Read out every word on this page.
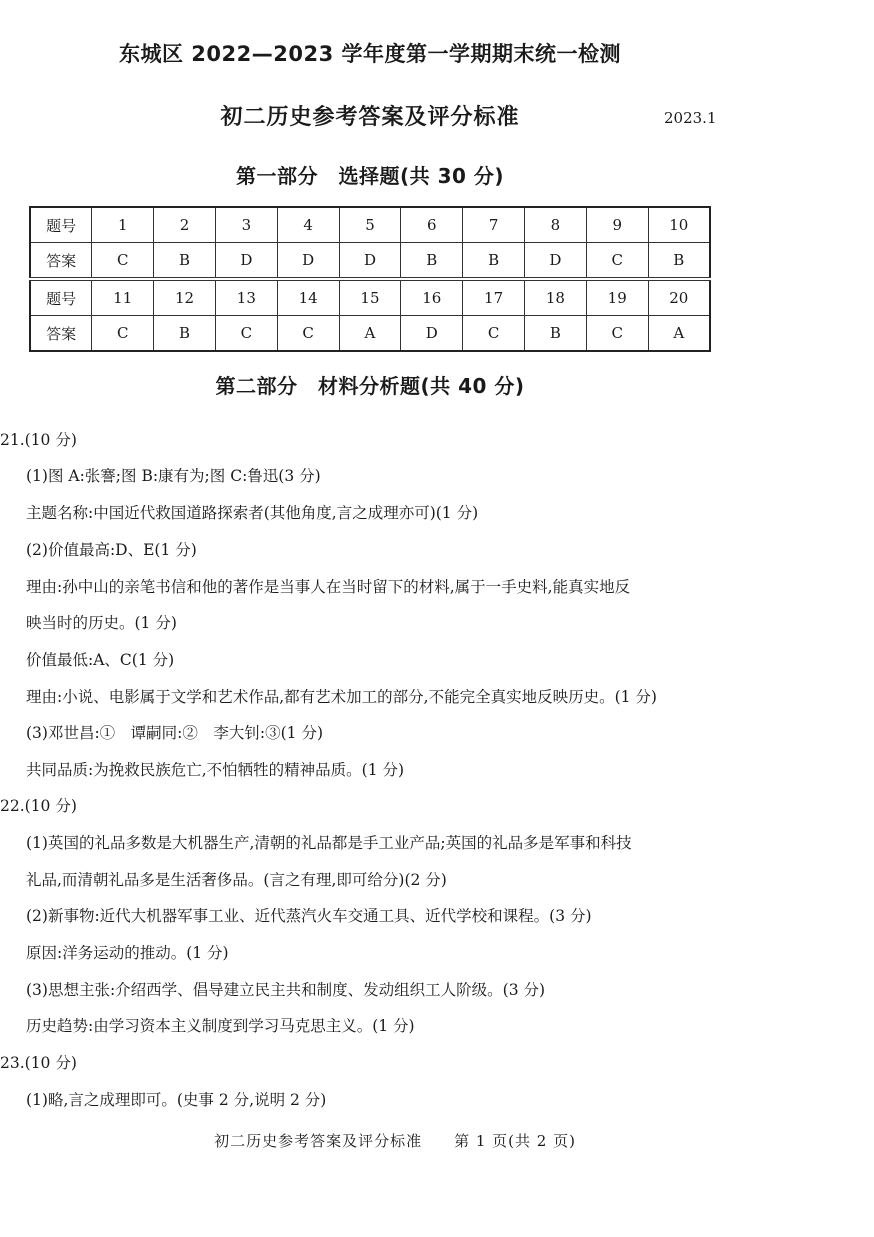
东城区 2022—2023 学年度第一学期期末统一检测
初二历史参考答案及评分标准	2023.1
第一部分　选择题(共 30 分)
题号	1	2	3	4	5	6	7	8	9	10
答案	C	B	D	D	D	B	B	D	C	B
题号	11	12	13	14	15	16	17	18	19	20
答案	C	B	C	C	A	D	C	B	C	A
第二部分　材料分析题(共 40 分)
21.(10 分)
(1)图 A:张謇;图 B:康有为;图 C:鲁迅(3 分)
主题名称:中国近代救国道路探索者(其他角度,言之成理亦可)(1 分)
(2)价值最高:D、E(1 分)
理由:孙中山的亲笔书信和他的著作是当事人在当时留下的材料,属于一手史料,能真实地反
映当时的历史。(1 分)
价值最低:A、C(1 分)
理由:小说、电影属于文学和艺术作品,都有艺术加工的部分,不能完全真实地反映历史。(1 分)
(3)邓世昌:①　谭嗣同:②　李大钊:③(1 分)
共同品质:为挽救民族危亡,不怕牺牲的精神品质。(1 分)
22.(10 分)
(1)英国的礼品多数是大机器生产,清朝的礼品都是手工业产品;英国的礼品多是军事和科技
礼品,而清朝礼品多是生活奢侈品。(言之有理,即可给分)(2 分)
(2)新事物:近代大机器军事工业、近代蒸汽火车交通工具、近代学校和课程。(3 分)
原因:洋务运动的推动。(1 分)
(3)思想主张:介绍西学、倡导建立民主共和制度、发动组织工人阶级。(3 分)
历史趋势:由学习资本主义制度到学习马克思主义。(1 分)
23.(10 分)
(1)略,言之成理即可。(史事 2 分,说明 2 分)
初二历史参考答案及评分标准　　第 1 页(共 2 页)
